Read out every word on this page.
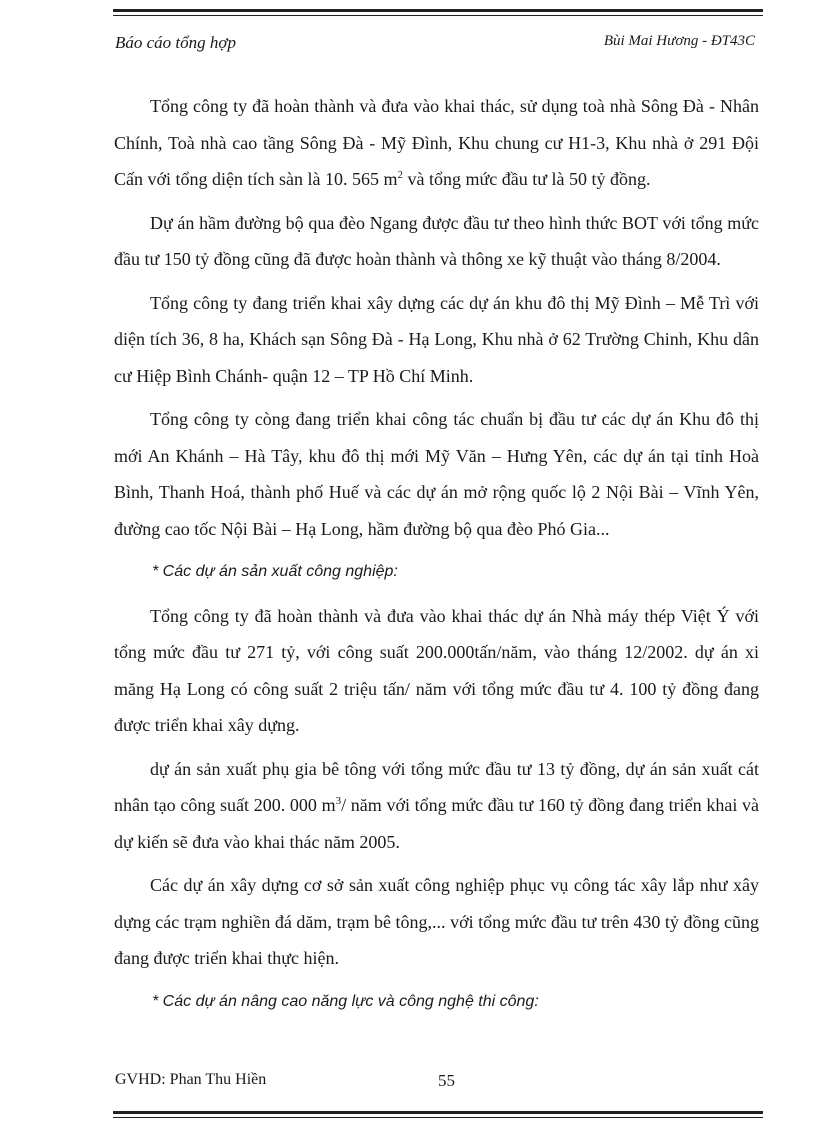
Báo cáo tổng hợp	Bùi Mai Hương - ĐT43C

Tổng công ty đã hoàn thành và đưa vào khai thác, sử dụng toà nhà Sông Đà - Nhân Chính, Toà nhà cao tầng Sông Đà - Mỹ Đình, Khu chung cư H1-3, Khu nhà ở 291 Đội Cấn với tổng diện tích sàn là 10. 565 $m^2$ và tổng mức đầu tư là 50 tỷ đồng.

Dự án hầm đường bộ qua đèo Ngang được đầu tư theo hình thức BOT với tổng mức đầu tư 150 tỷ đồng cũng đã được hoàn thành và thông xe kỹ thuật vào tháng 8/2004.

Tổng công ty đang triển khai xây dựng các dự án khu đô thị Mỹ Đình – Mễ Trì với diện tích 36, 8 ha, Khách sạn Sông Đà - Hạ Long, Khu nhà ở 62 Trường Chinh, Khu dân cư Hiệp Bình Chánh- quận 12 – TP Hồ Chí Minh.

Tổng công ty còng đang triển khai công tác chuẩn bị đầu tư các dự án Khu đô thị mới An Khánh – Hà Tây, khu đô thị mới Mỹ Văn – Hưng Yên, các dự án tại tỉnh Hoà Bình, Thanh Hoá, thành phố Huế và các dự án mở rộng quốc lộ 2 Nội Bài – Vĩnh Yên, đường cao tốc Nội Bài – Hạ Long, hầm đường bộ qua đèo Phó Gia...

* Các dự án sản xuất công nghiệp:

Tổng công ty đã hoàn thành và đưa vào khai thác dự án Nhà máy thép Việt Ý với tổng mức đầu tư 271 tỷ, với công suất 200.000tấn/năm, vào tháng 12/2002. dự án xi măng Hạ Long có công suất 2 triệu tấn/ năm với tổng mức đầu tư 4. 100 tỷ đồng đang được triển khai xây dựng.

dự án sản xuất phụ gia bê tông với tổng mức đầu tư 13 tỷ đồng, dự án sản xuất cát nhân tạo công suất 200. 000 $m^3/$ năm với tổng mức đầu tư 160 tỷ đồng đang triển khai và dự kiến sẽ đưa vào khai thác năm 2005.

Các dự án xây dựng cơ sở sản xuất công nghiệp phục vụ công tác xây lắp như xây dựng các trạm nghiền đá dăm, trạm bê tông,... với tổng mức đầu tư trên 430 tỷ đồng cũng đang được triển khai thực hiện.

* Các dự án nâng cao năng lực và công nghệ thi công:

GVHD: Phan Thu Hiền	55
